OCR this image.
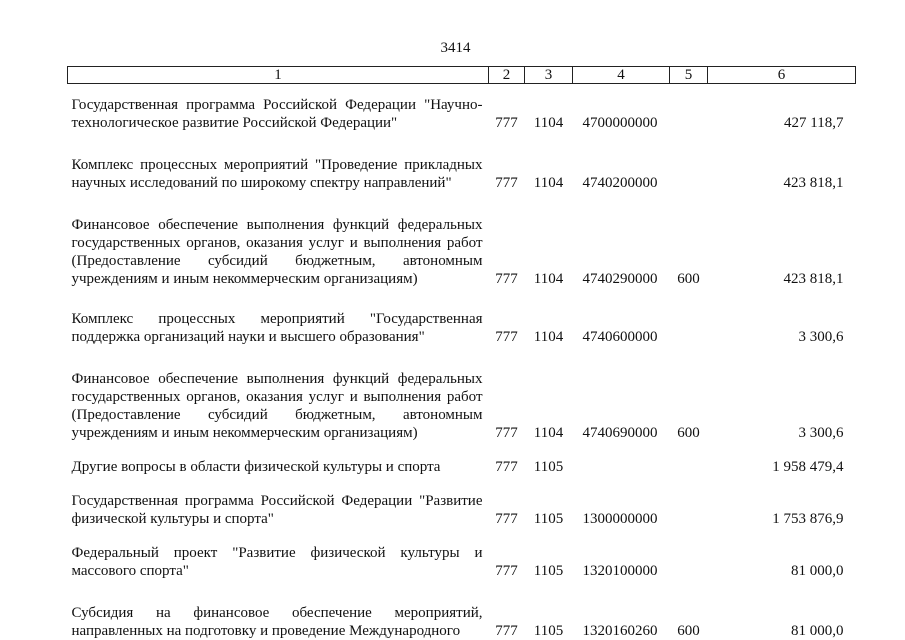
3414
1	2	3	4	5	6
Государственная программа Российской Федерации "Научно-технологическое развитие Российской Федерации"	777	1104	4700000000		427 118,7
Комплекс процессных мероприятий "Проведение прикладных научных исследований по широкому спектру направлений"	777	1104	4740200000		423 818,1
Финансовое обеспечение выполнения функций федеральных государственных органов, оказания услуг и выполнения работ (Предоставление субсидий бюджетным, автономным учреждениям и иным некоммерческим организациям)	777	1104	4740290000	600	423 818,1
Комплекс процессных мероприятий "Государственная поддержка организаций науки и высшего образования"	777	1104	4740600000		3 300,6
Финансовое обеспечение выполнения функций федеральных государственных органов, оказания услуг и выполнения работ (Предоставление субсидий бюджетным, автономным учреждениям и иным некоммерческим организациям)	777	1104	4740690000	600	3 300,6
Другие вопросы в области физической культуры и спорта	777	1105			1 958 479,4
Государственная программа Российской Федерации "Развитие физической культуры и спорта"	777	1105	1300000000		1 753 876,9
Федеральный проект "Развитие физической культуры и массового спорта"	777	1105	1320100000		81 000,0
Субсидия на финансовое обеспечение мероприятий, направленных на подготовку и проведение Международного	777	1105	1320160260	600	81 000,0
